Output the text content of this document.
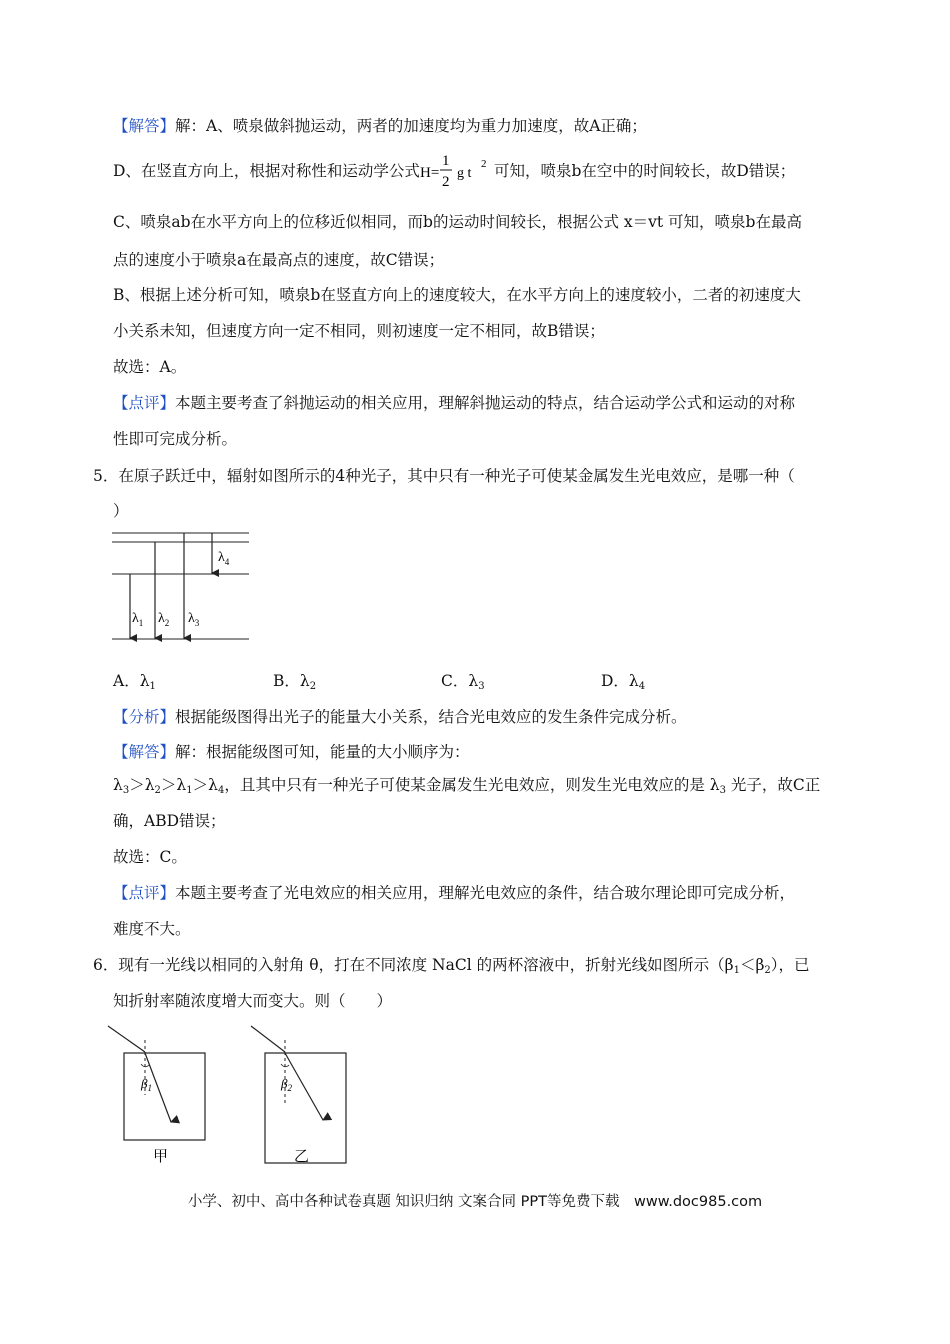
【解答】解：A、喷泉做斜抛运动，两者的加速度均为重力加速度，故A正确；
D、在竖直方向上，根据对称性和运动学公式 H=
1
2
g t
2 可知，喷泉b在空中的时间较长，故D错误；
C、喷泉ab在水平方向上的位移近似相同，而b的运动时间较长，根据公式 x＝vt 可知，喷泉b在最高
点的速度小于喷泉a在最高点的速度，故C错误；
B、根据上述分析可知，喷泉b在竖直方向上的速度较大，在水平方向上的速度较小，二者的初速度大
小关系未知，但速度方向一定不相同，则初速度一定不相同，故B错误；
故选：A。
【点评】本题主要考查了斜抛运动的相关应用，理解斜抛运动的特点，结合运动学公式和运动的对称
性即可完成分析。
5．在原子跃迁中，辐射如图所示的4种光子，其中只有一种光子可使某金属发生光电效应，是哪一种（
）
$\lambda_1$ $\lambda_2$ $\lambda_3$
$\lambda_4$
A．$\lambda_1$	B．$\lambda_2$	C．$\lambda_3$	D．$\lambda_4$
【分析】根据能级图得出光子的能量大小关系，结合光电效应的发生条件完成分析。
【解答】解：根据能级图可知，能量的大小顺序为：
$\lambda_3>\lambda_2>\lambda_1>\lambda_4$，且其中只有一种光子可使某金属发生光电效应，则发生光电效应的是 $\lambda_3$ 光子，故C正
确，ABD错误；
故选：C。
【点评】本题主要考查了光电效应的相关应用，理解光电效应的条件，结合玻尔理论即可完成分析，
难度不大。
6．现有一光线以相同的入射角 θ，打在不同浓度 NaCl 的两杯溶液中，折射光线如图所示$(\beta_1<\beta_2)$，已
知折射率随浓度增大而变大。则（　　）
$\beta_1$
甲
$\beta_2$
乙
小学、初中、高中各种试卷真题 知识归纳 文案合同 PPT等免费下载　www.doc985.com
